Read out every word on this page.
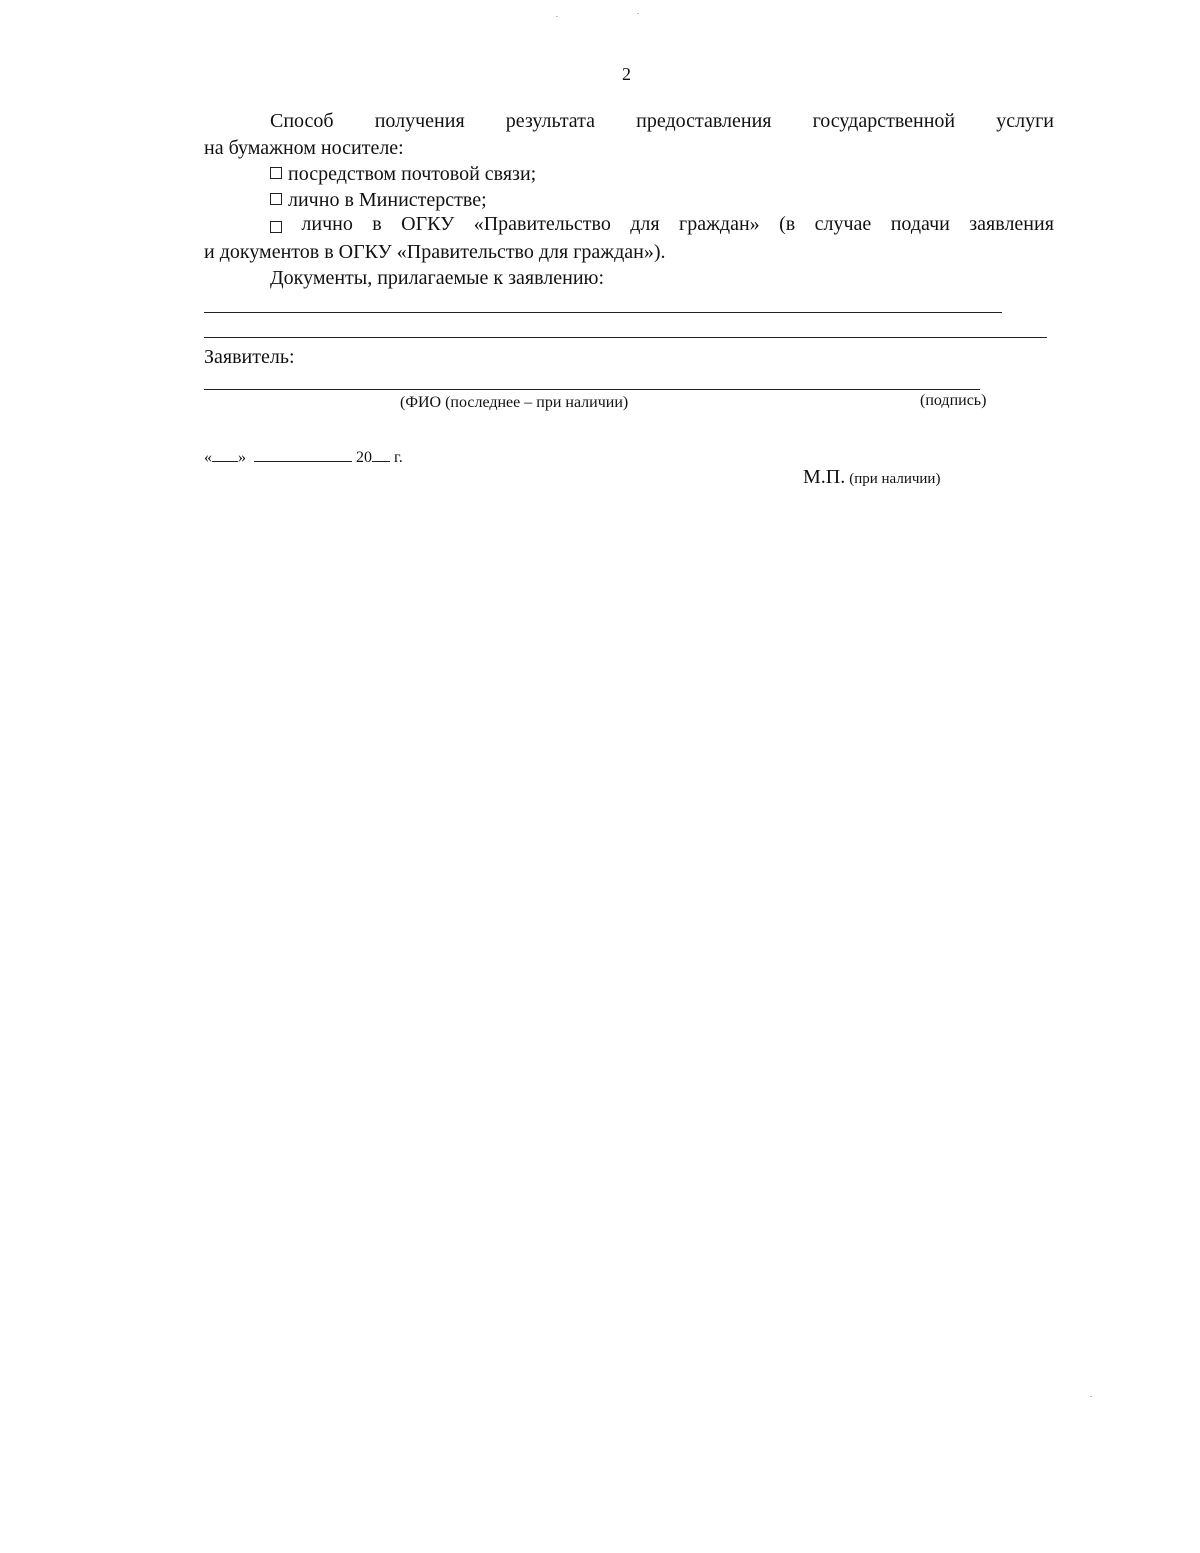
2
Способ получения результата предоставления государственной услуги
на бумажном носителе:
посредством почтовой связи;
лично в Министерстве;
лично в ОГКУ «Правительство для граждан» (в случае подачи заявления
и документов в ОГКУ «Правительство для граждан»).
Документы, прилагаемые к заявлению:
Заявитель:
(ФИО (последнее – при наличии)	(подпись)
« »	20 г.
М.П. (при наличии)
